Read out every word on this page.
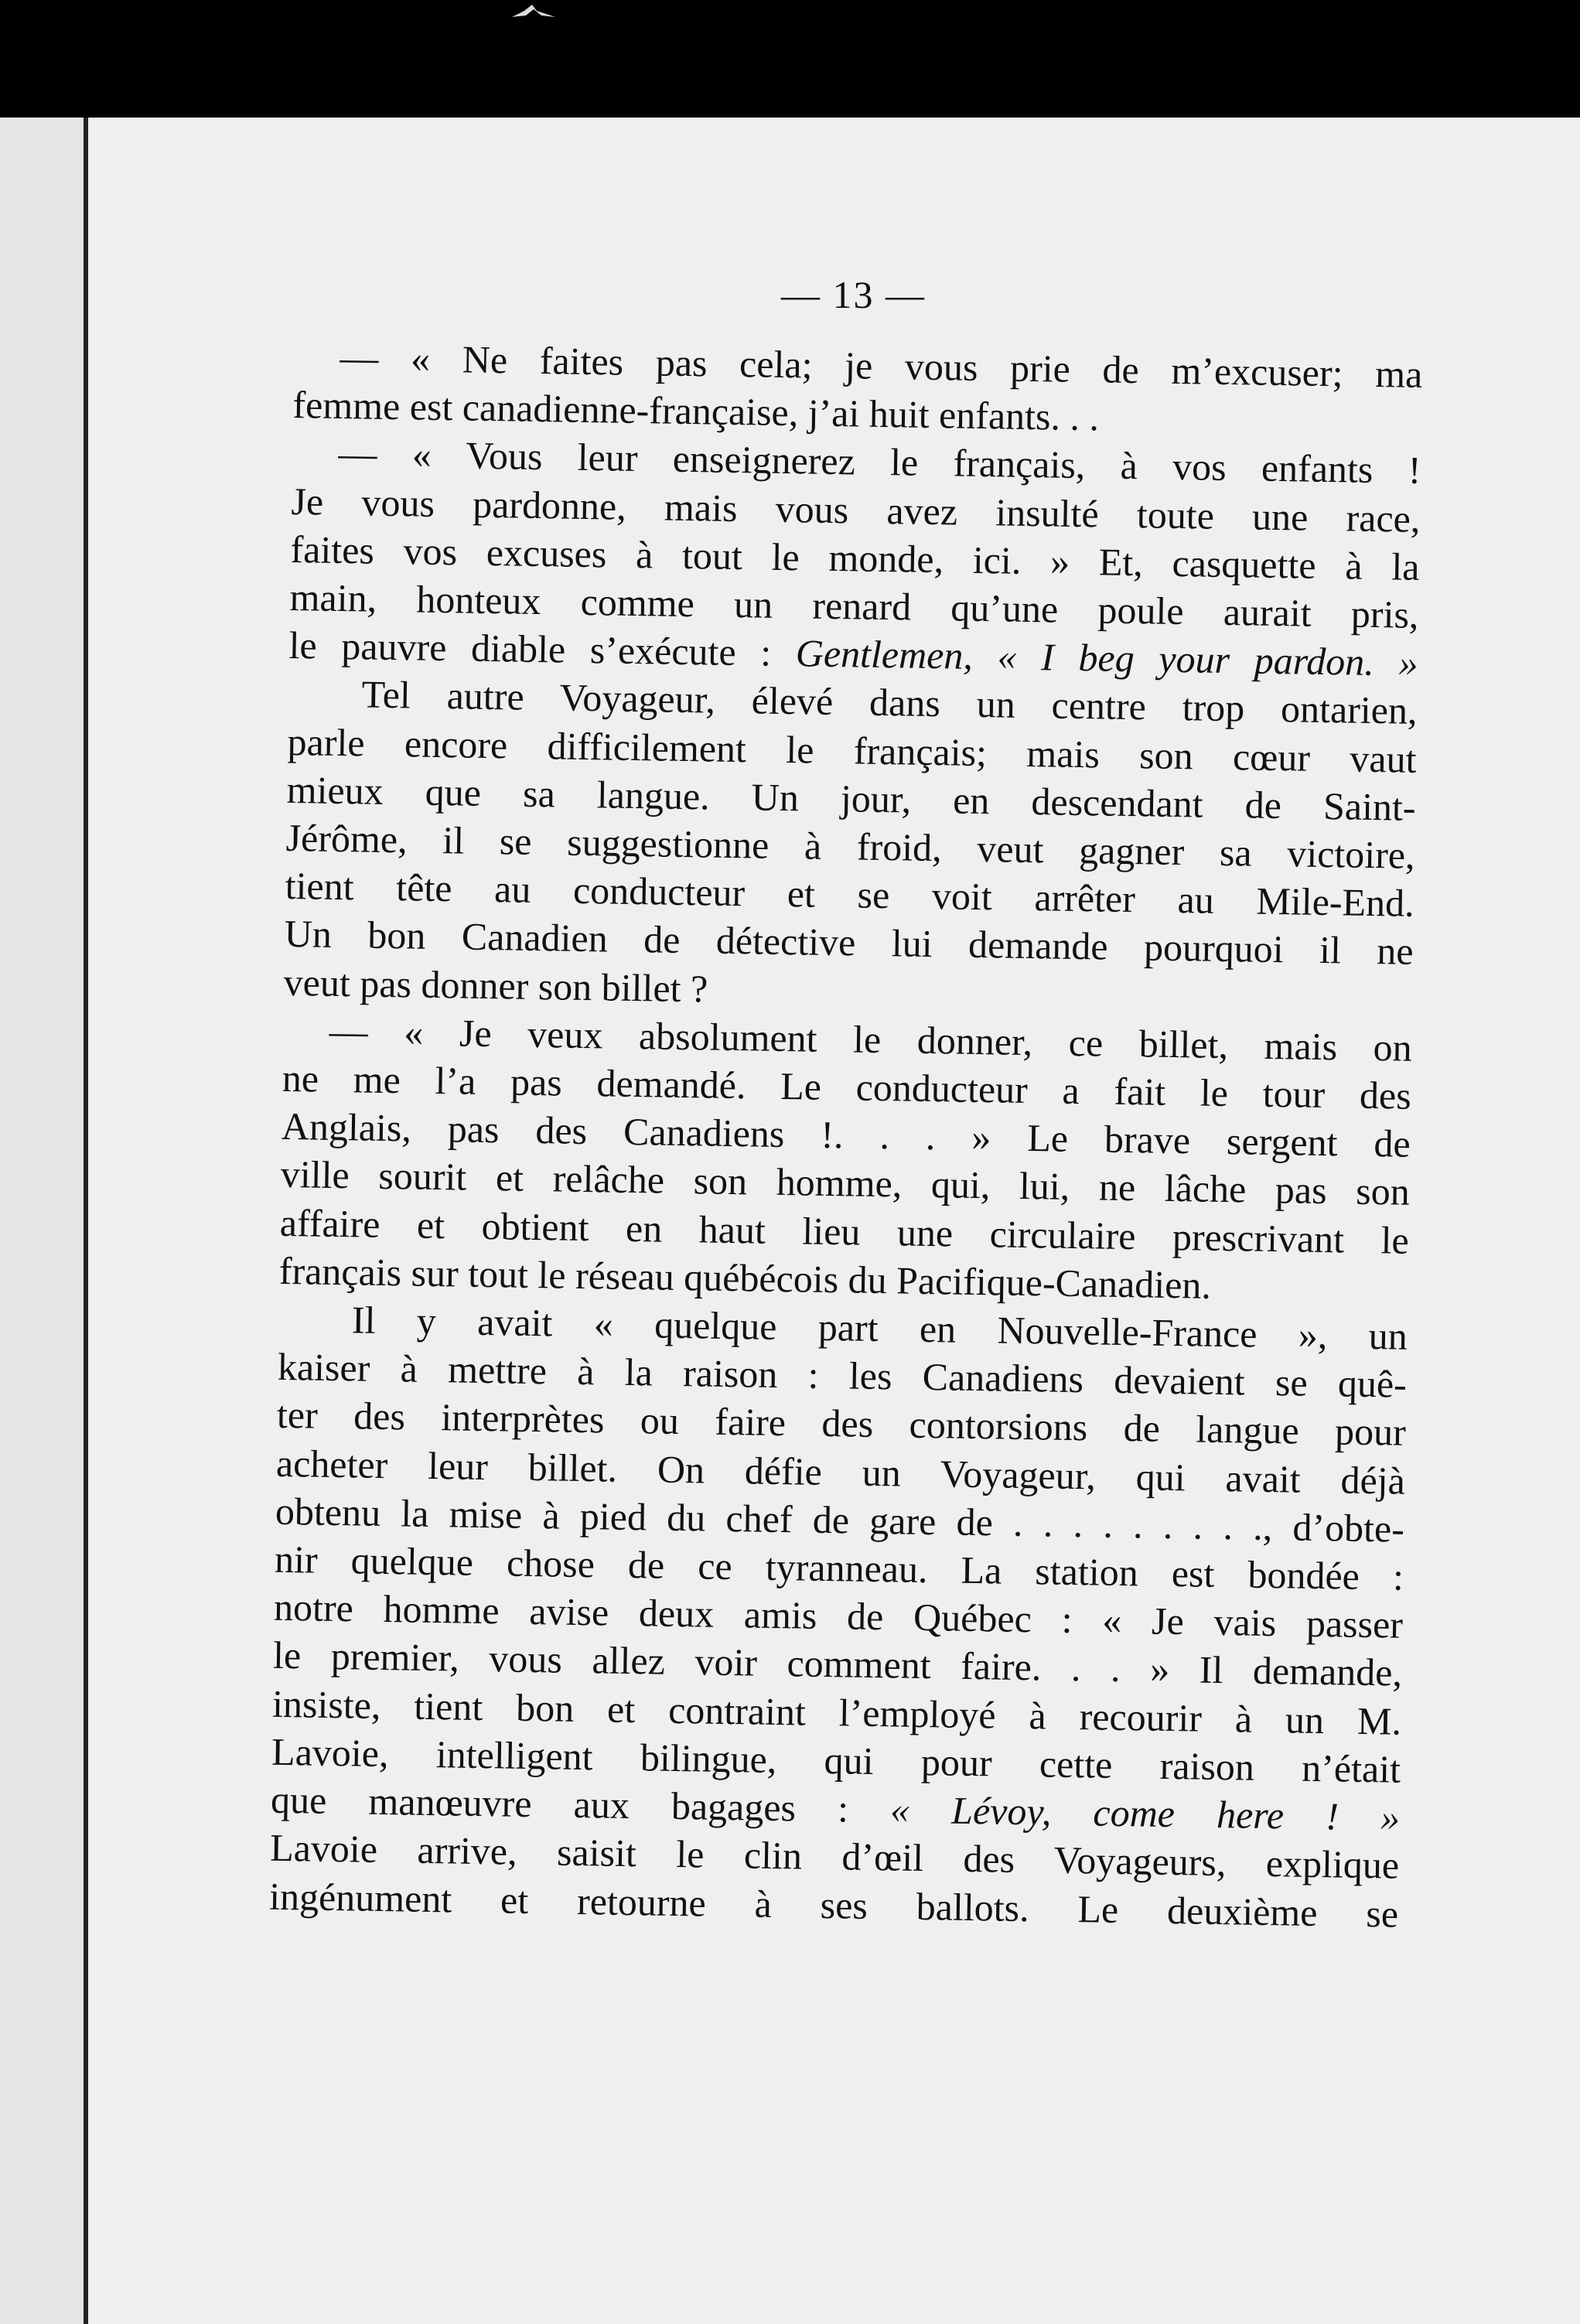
— 13 —
— « Ne faites pas cela; je vous prie de m’excuser; ma
femme est canadienne-française, j’ai huit enfants. . .
— « Vous leur enseignerez le français, à vos enfants !
Je vous pardonne, mais vous avez insulté toute une race,
faites vos excuses à tout le monde, ici. » Et, casquette à la
main, honteux comme un renard qu’une poule aurait pris,
le pauvre diable s’exécute : Gentlemen, « I beg your pardon. »
Tel autre Voyageur, élevé dans un centre trop ontarien,
parle encore difficilement le français; mais son cœur vaut
mieux que sa langue. Un jour, en descendant de Saint-
Jérôme, il se suggestionne à froid, veut gagner sa victoire,
tient tête au conducteur et se voit arrêter au Mile-End.
Un bon Canadien de détective lui demande pourquoi il ne
veut pas donner son billet ?
— « Je veux absolument le donner, ce billet, mais on
ne me l’a pas demandé. Le conducteur a fait le tour des
Anglais, pas des Canadiens !. . . » Le brave sergent de
ville sourit et relâche son homme, qui, lui, ne lâche pas son
affaire et obtient en haut lieu une circulaire prescrivant le
français sur tout le réseau québécois du Pacifique-Canadien.
Il y avait « quelque part en Nouvelle-France », un
kaiser à mettre à la raison : les Canadiens devaient se quê-
ter des interprètes ou faire des contorsions de langue pour
acheter leur billet. On défie un Voyageur, qui avait déjà
obtenu la mise à pied du chef de gare de . . . . . . . . ., d’obte-
nir quelque chose de ce tyranneau. La station est bondée :
notre homme avise deux amis de Québec : « Je vais passer
le premier, vous allez voir comment faire. . . » Il demande,
insiste, tient bon et contraint l’employé à recourir à un M.
Lavoie, intelligent bilingue, qui pour cette raison n’était
que manœuvre aux bagages : « Lévoy, come here ! »
Lavoie arrive, saisit le clin d’œil des Voyageurs, explique
ingénument et retourne à ses ballots. Le deuxième se
